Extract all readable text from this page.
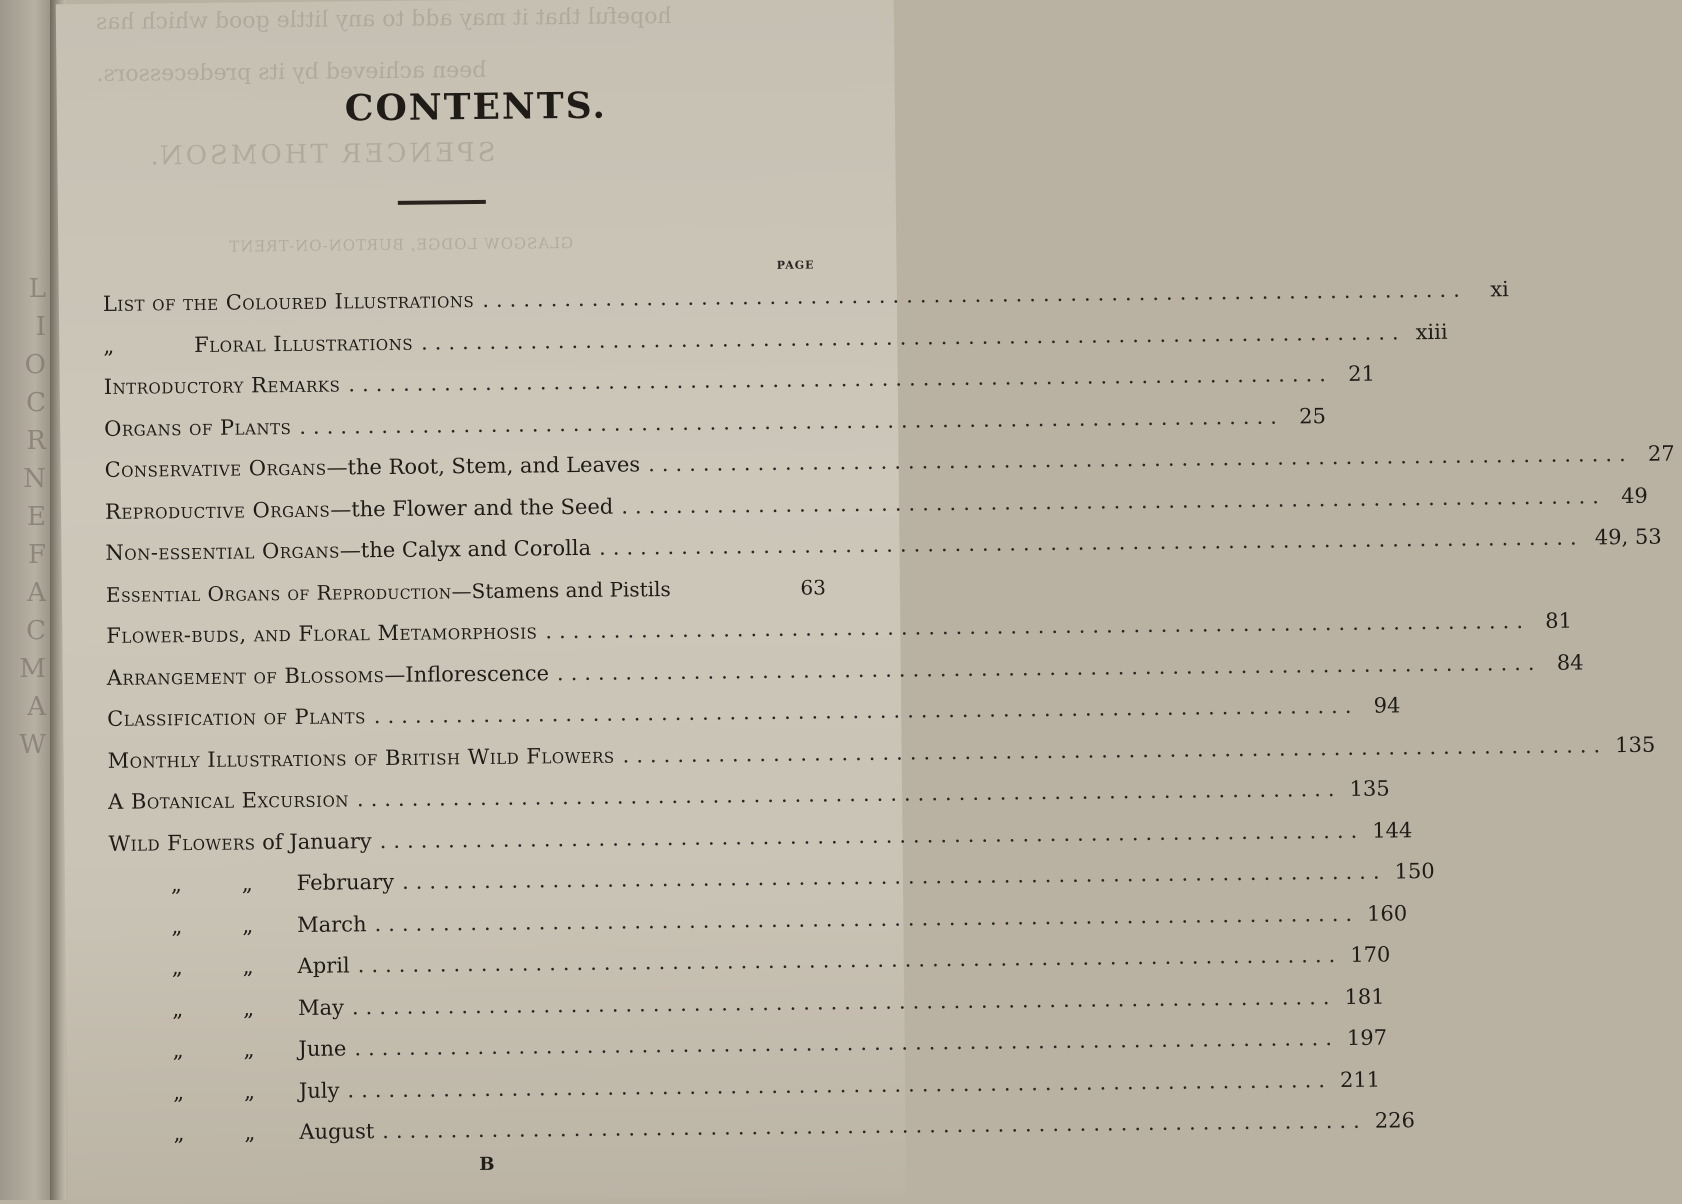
L
I
O
C
R
N
E
F
A
C
M
A
W
hopeful that it may add to any little good which has
been achieved by its predecessors.
SPENCER THOMSON.
GLASGOW LODGE, BURTON-ON-TRENT
CONTENTS.
PAGE
List of the Coloured Illustrations ........................................................................	xi
„	Floral Illustrations ........................................................................ xiii
Introductory Remarks ........................................................................ 21
Organs of Plants ........................................................................ 25
Conservative Organs — the Root, Stem, and Leaves ........................................................................ 27
Reproductive Organs — the Flower and the Seed ........................................................................ 49
Non-essential Organs — the Calyx and Corolla ........................................................................ 49, 53
Essential Organs of Reproduction — Stamens and Pistils	63
Flower-buds, and Floral Metamorphosis ........................................................................ 81
Arrangement of Blossoms — Inflorescence ........................................................................ 84
Classification of Plants ........................................................................ 94
Monthly Illustrations of British Wild Flowers ........................................................................ 135
A Botanical Excursion ........................................................................ 135
Wild Flowers
of January ........................................................................ 144
„	„ February ........................................................................ 150
„	„ March ........................................................................ 160
„	„ April ........................................................................ 170
„	„ May ........................................................................ 181
„	„ June ........................................................................ 197
„	„ July ........................................................................ 211
„	„ August ........................................................................ 226
B
